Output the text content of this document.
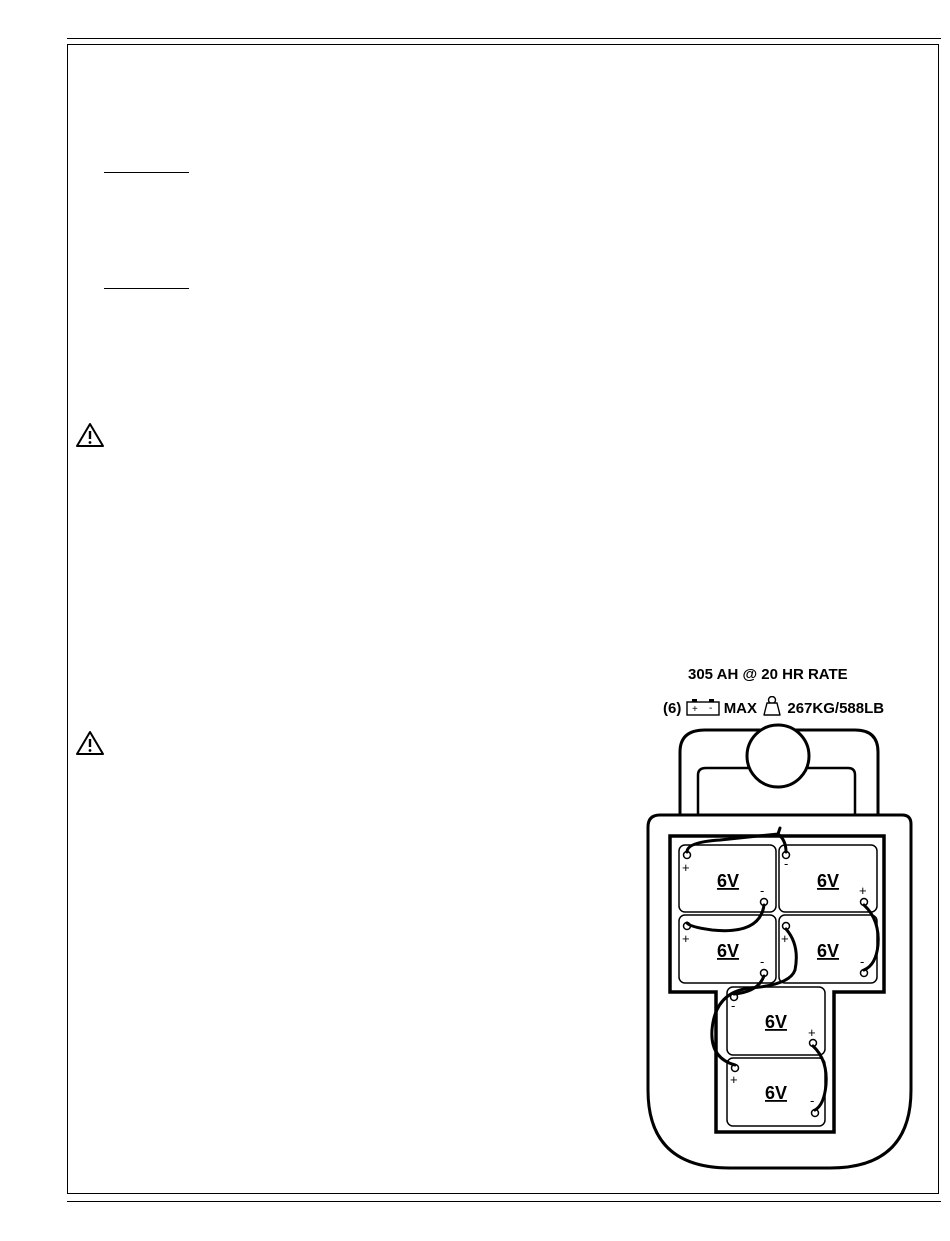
305 AH @ 20 HR RATE
(6) + - MAX 267KG/588LB
6V
+
-	6V
-
+
6V
+
-
6V
+
-
6V
-
+
6V
+
-
